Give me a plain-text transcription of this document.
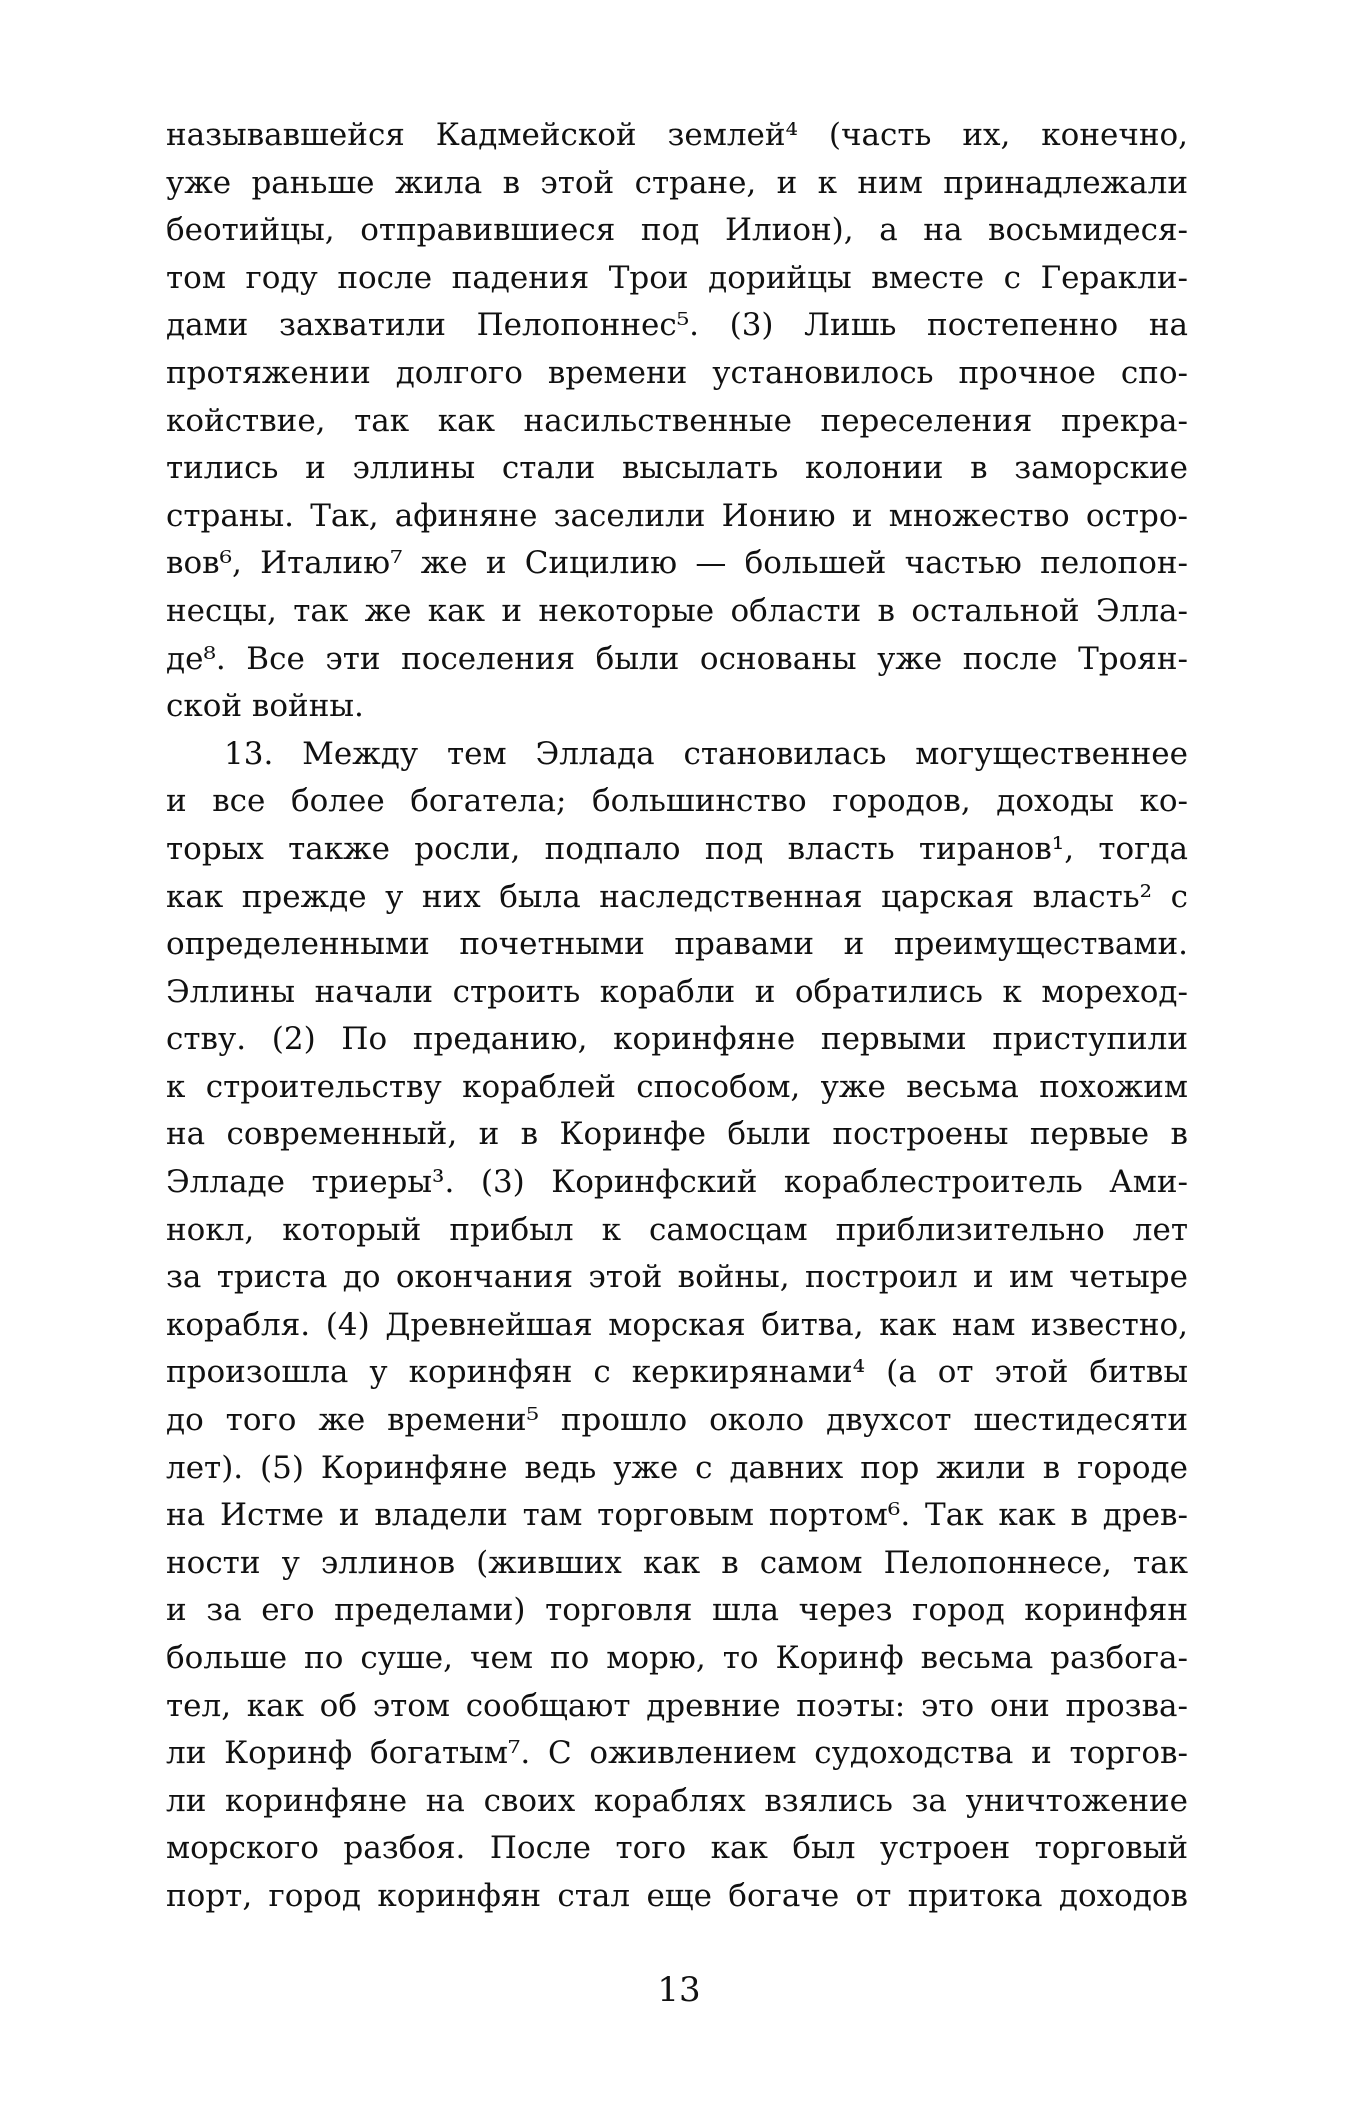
называвшейся Кадмейской землей⁴ (часть их, конечно,
уже раньше жила в этой стране, и к ним принадлежали
беотийцы, отправившиеся под Илион), а на восьмидеся-
том году после падения Трои дорийцы вместе с Геракли-
дами захватили Пелопоннес⁵. (3) Лишь постепенно на
протяжении долгого времени установилось прочное спо-
койствие, так как насильственные переселения прекра-
тились и эллины стали высылать колонии в заморские
страны. Так, афиняне заселили Ионию и множество остро-
вов⁶, Италию⁷ же и Сицилию — большей частью пелопон-
несцы, так же как и некоторые области в остальной Элла-
де⁸. Все эти поселения были основаны уже после Троян-
ской войны.
13. Между тем Эллада становилась могущественнее
и все более богатела; большинство городов, доходы ко-
торых также росли, подпало под власть тиранов¹, тогда
как прежде у них была наследственная царская власть² с
определенными почетными правами и преимуществами.
Эллины начали строить корабли и обратились к мореход-
ству. (2) По преданию, коринфяне первыми приступили
к строительству кораблей способом, уже весьма похожим
на современный, и в Коринфе были построены первые в
Элладе триеры³. (3) Коринфский кораблестроитель Ами-
нокл, который прибыл к самосцам приблизительно лет
за триста до окончания этой войны, построил и им четыре
корабля. (4) Древнейшая морская битва, как нам известно,
произошла у коринфян с керкирянами⁴ (а от этой битвы
до того же времени⁵ прошло около двухсот шестидесяти
лет). (5) Коринфяне ведь уже с давних пор жили в городе
на Истме и владели там торговым портом⁶. Так как в древ-
ности у эллинов (живших как в самом Пелопоннесе, так
и за его пределами) торговля шла через город коринфян
больше по суше, чем по морю, то Коринф весьма разбога-
тел, как об этом сообщают древние поэты: это они прозва-
ли Коринф богатым⁷. С оживлением судоходства и торгов-
ли коринфяне на своих кораблях взялись за уничтожение
морского разбоя. После того как был устроен торговый
порт, город коринфян стал еще богаче от притока доходов
13
